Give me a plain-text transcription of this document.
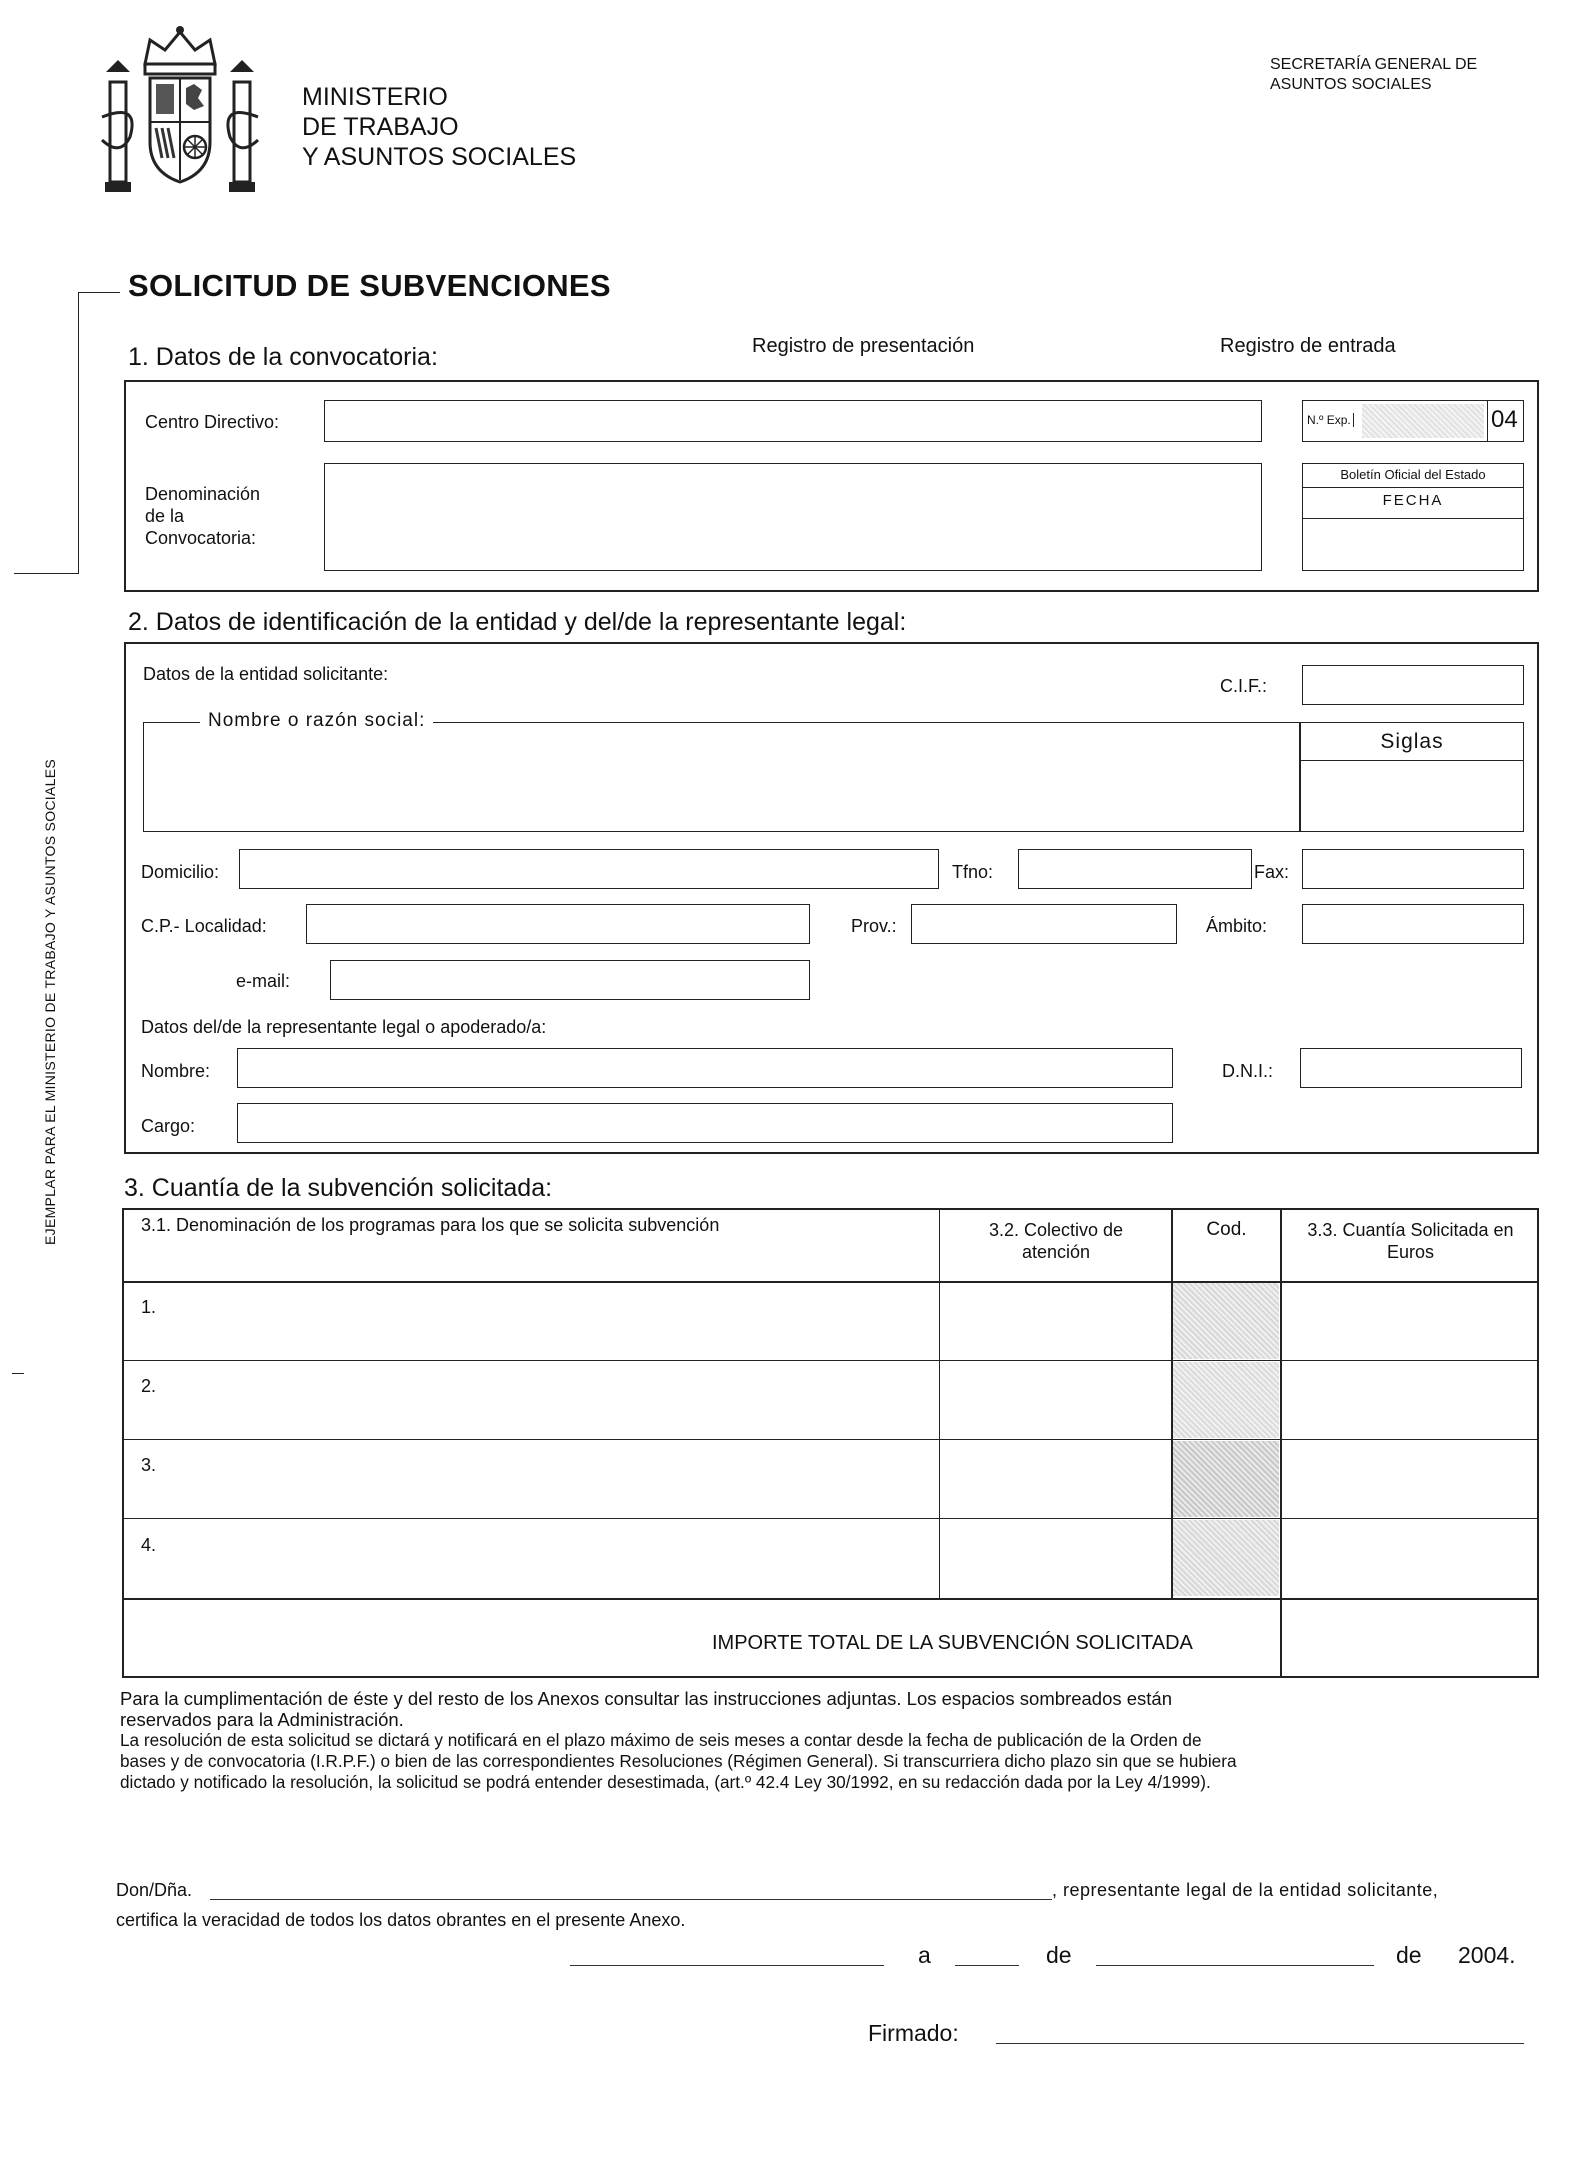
MINISTERIO
DE TRABAJO
Y ASUNTOS SOCIALES
SECRETARÍA GENERAL DE
ASUNTOS SOCIALES
EJEMPLAR PARA EL MINISTERIO DE TRABAJO Y ASUNTOS SOCIALES
SOLICITUD DE SUBVENCIONES
1. Datos de la convocatoria:	Registro de presentación	Registro de entrada
Centro Directivo:
Denominación
de la
Convocatoria:
N.º Exp.	04
Boletín Oficial del Estado
FECHA
2. Datos de identificación de la entidad y del/de la representante legal:
Datos de la entidad solicitante:
C.I.F.:
Nombre o razón social:
Siglas
Domicilio:	Tfno:	Fax:
C.P.- Localidad:	Prov.:	Ámbito:
e-mail:
Datos del/de la representante legal o apoderado/a:
Nombre:	D.N.I.:
Cargo:
3. Cuantía de la subvención solicitada:
3.1. Denominación de los programas para los que se solicita subvención	3.2. Colectivo de
atención
Cod.	3.3. Cuantía Solicitada en
Euros
1.
2.
3.
4.
IMPORTE TOTAL DE LA SUBVENCIÓN SOLICITADA
Para la cumplimentación de éste y del resto de los Anexos consultar las instrucciones adjuntas. Los espacios sombreados están
reservados para la Administración.
La resolución de esta solicitud se dictará y notificará en el plazo máximo de seis meses a contar desde la fecha de publicación de la Orden de
bases y de convocatoria (I.R.P.F.) o bien de las correspondientes Resoluciones (Régimen General). Si transcurriera dicho plazo sin que se hubiera
dictado y notificado la resolución, la solicitud se podrá entender desestimada, (art.º 42.4 Ley 30/1992, en su redacción dada por la Ley 4/1999).
Don/Dña.	, representante legal de la entidad solicitante,
certifica la veracidad de todos los datos obrantes en el presente Anexo.
a	de	de 2004.
Firmado:
